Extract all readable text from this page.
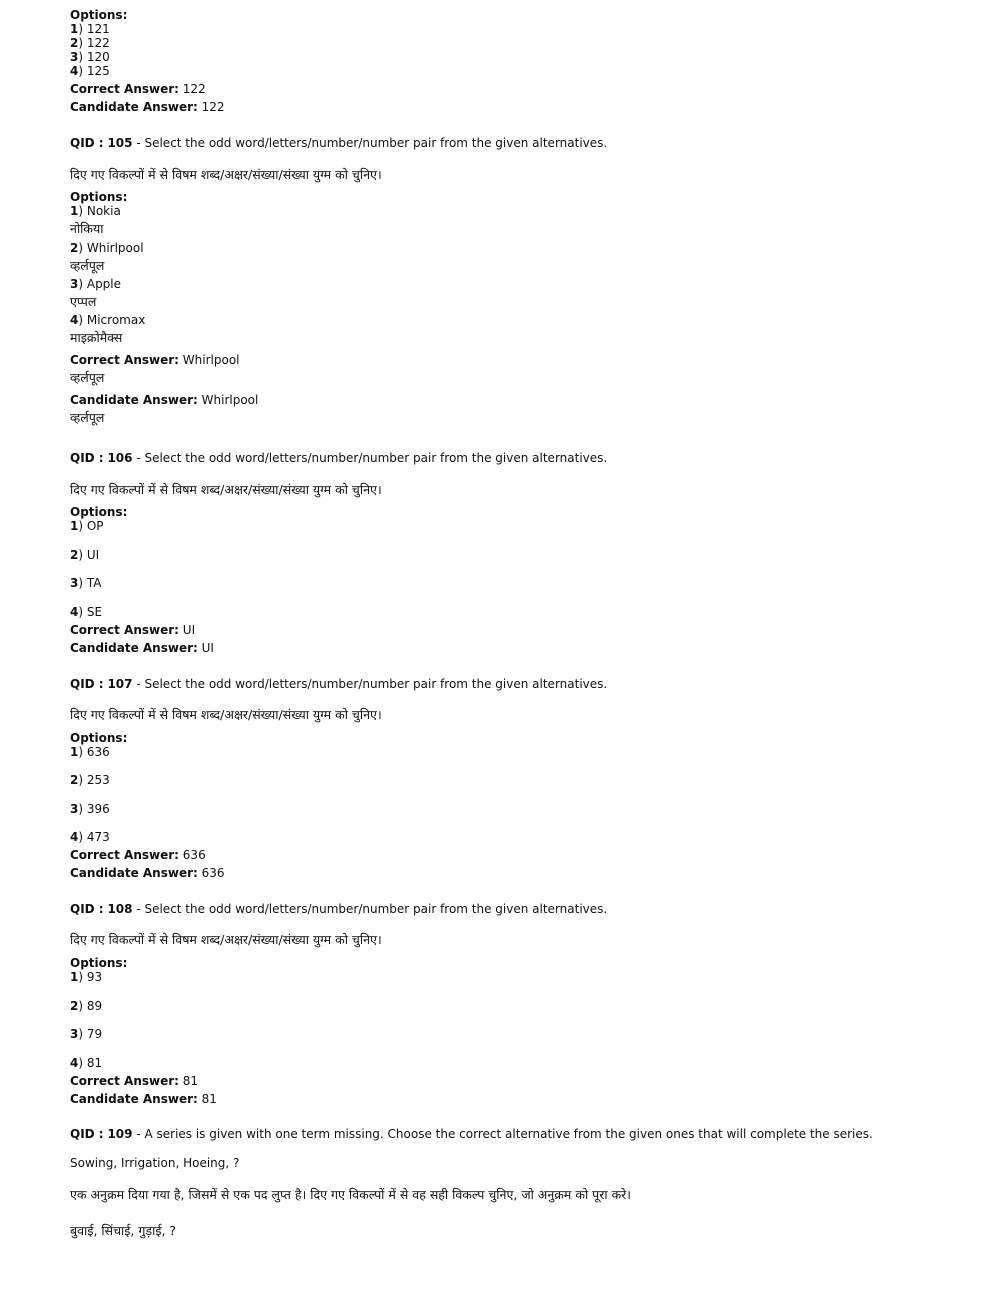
Options:
1) 121
2) 122
3) 120
4) 125
Correct Answer: 122
Candidate Answer: 122
QID : 105 - Select the odd word/letters/number/number pair from the given alternatives.
दिए गए विकल्पों में से विषम शब्द/अक्षर/संख्या/संख्या युग्म को चुनिए।
Options:
1) Nokia
नोकिया
2) Whirlpool
व्हर्लपूल
3) Apple
एप्पल
4) Micromax
माइक्रोमैक्स
Correct Answer: Whirlpool
व्हर्लपूल
Candidate Answer: Whirlpool
व्हर्लपूल
QID : 106 - Select the odd word/letters/number/number pair from the given alternatives.
दिए गए विकल्पों में से विषम शब्द/अक्षर/संख्या/संख्या युग्म को चुनिए।
Options:
1) OP
2) UI
3) TA
4) SE
Correct Answer: UI
Candidate Answer: UI
QID : 107 - Select the odd word/letters/number/number pair from the given alternatives.
दिए गए विकल्पों में से विषम शब्द/अक्षर/संख्या/संख्या युग्म को चुनिए।
Options:
1) 636
2) 253
3) 396
4) 473
Correct Answer: 636
Candidate Answer: 636
QID : 108 - Select the odd word/letters/number/number pair from the given alternatives.
दिए गए विकल्पों में से विषम शब्द/अक्षर/संख्या/संख्या युग्म को चुनिए।
Options:
1) 93
2) 89
3) 79
4) 81
Correct Answer: 81
Candidate Answer: 81
QID : 109 - A series is given with one term missing. Choose the correct alternative from the given ones that will complete the series.
Sowing, Irrigation, Hoeing, ?
एक अनुक्रम दिया गया है, जिसमें से एक पद लुप्त है। दिए गए विकल्पों में से वह सही विकल्प चुनिए, जो अनुक्रम को पूरा करे।
बुवाई, सिंचाई, गुड़ाई, ?
